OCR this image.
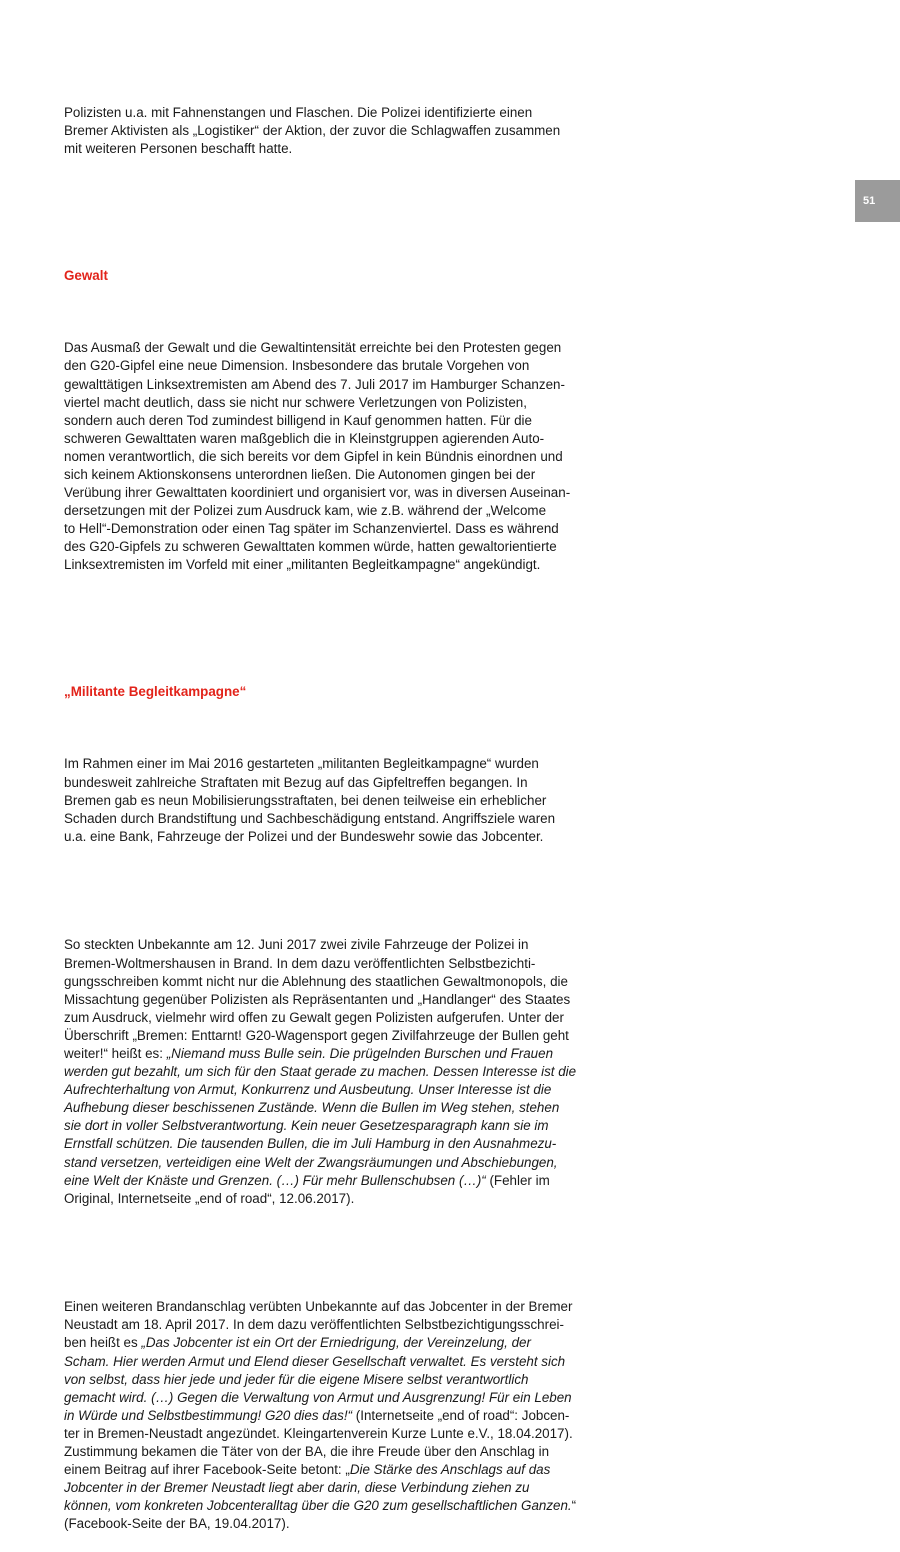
51

Polizisten u.a. mit Fahnenstangen und Flaschen. Die Polizei identifizierte einen
Bremer Aktivisten als „Logistiker“ der Aktion, der zuvor die Schlagwaffen zusammen
mit weiteren Personen beschafft hatte.

Gewalt

Das Ausmaß der Gewalt und die Gewaltintensität erreichte bei den Protesten gegen
den G20-Gipfel eine neue Dimension. Insbesondere das brutale Vorgehen von
gewalttätigen Linksextremisten am Abend des 7. Juli 2017 im Hamburger Schanzen-
viertel macht deutlich, dass sie nicht nur schwere Verletzungen von Polizisten,
sondern auch deren Tod zumindest billigend in Kauf genommen hatten. Für die
schweren Gewalttaten waren maßgeblich die in Kleinstgruppen agierenden Auto-
nomen verantwortlich, die sich bereits vor dem Gipfel in kein Bündnis einordnen und
sich keinem Aktionskonsens unterordnen ließen. Die Autonomen gingen bei der
Verübung ihrer Gewalttaten koordiniert und organisiert vor, was in diversen Auseinan-
dersetzungen mit der Polizei zum Ausdruck kam, wie z.B. während der „Welcome
to Hell“-Demonstration oder einen Tag später im Schanzenviertel. Dass es während
des G20-Gipfels zu schweren Gewalttaten kommen würde, hatten gewaltorientierte
Linksextremisten im Vorfeld mit einer „militanten Begleitkampagne“ angekündigt.

„Militante Begleitkampagne“

Im Rahmen einer im Mai 2016 gestarteten „militanten Begleitkampagne“ wurden
bundesweit zahlreiche Straftaten mit Bezug auf das Gipfeltreffen begangen. In
Bremen gab es neun Mobilisierungsstraftaten, bei denen teilweise ein erheblicher
Schaden durch Brandstiftung und Sachbeschädigung entstand. Angriffsziele waren
u.a. eine Bank, Fahrzeuge der Polizei und der Bundeswehr sowie das Jobcenter.

So steckten Unbekannte am 12. Juni 2017 zwei zivile Fahrzeuge der Polizei in
Bremen-Woltmershausen in Brand. In dem dazu veröffentlichten Selbstbezichti-
gungsschreiben kommt nicht nur die Ablehnung des staatlichen Gewaltmonopols, die
Missachtung gegenüber Polizisten als Repräsentanten und „Handlanger“ des Staates
zum Ausdruck, vielmehr wird offen zu Gewalt gegen Polizisten aufgerufen. Unter der
Überschrift „Bremen: Enttarnt! G20-Wagensport gegen Zivilfahrzeuge der Bullen geht
weiter!“ heißt es: „Niemand muss Bulle sein. Die prügelnden Burschen und Frauen
werden gut bezahlt, um sich für den Staat gerade zu machen. Dessen Interesse ist die
Aufrechterhaltung von Armut, Konkurrenz und Ausbeutung. Unser Interesse ist die
Aufhebung dieser beschissenen Zustände. Wenn die Bullen im Weg stehen, stehen
sie dort in voller Selbstverantwortung. Kein neuer Gesetzesparagraph kann sie im
Ernstfall schützen. Die tausenden Bullen, die im Juli Hamburg in den Ausnahmezu-
stand versetzen, verteidigen eine Welt der Zwangsräumungen und Abschiebungen,
eine Welt der Knäste und Grenzen. (…) Für mehr Bullenschubsen (…)“ (Fehler im
Original, Internetseite „end of road“, 12.06.2017).

Einen weiteren Brandanschlag verübten Unbekannte auf das Jobcenter in der Bremer
Neustadt am 18. April 2017. In dem dazu veröffentlichten Selbstbezichtigungsschrei-
ben heißt es „Das Jobcenter ist ein Ort der Erniedrigung, der Vereinzelung, der
Scham. Hier werden Armut und Elend dieser Gesellschaft verwaltet. Es versteht sich
von selbst, dass hier jede und jeder für die eigene Misere selbst verantwortlich
gemacht wird. (…) Gegen die Verwaltung von Armut und Ausgrenzung! Für ein Leben
in Würde und Selbstbestimmung! G20 dies das!“ (Internetseite „end of road“: Jobcen-
ter in Bremen-Neustadt angezündet. Kleingartenverein Kurze Lunte e.V., 18.04.2017).
Zustimmung bekamen die Täter von der BA, die ihre Freude über den Anschlag in
einem Beitrag auf ihrer Facebook-Seite betont: „Die Stärke des Anschlags auf das
Jobcenter in der Bremer Neustadt liegt aber darin, diese Verbindung ziehen zu
können, vom konkreten Jobcenteralltag über die G20 zum gesellschaftlichen Ganzen.“
(Facebook-Seite der BA, 19.04.2017).
